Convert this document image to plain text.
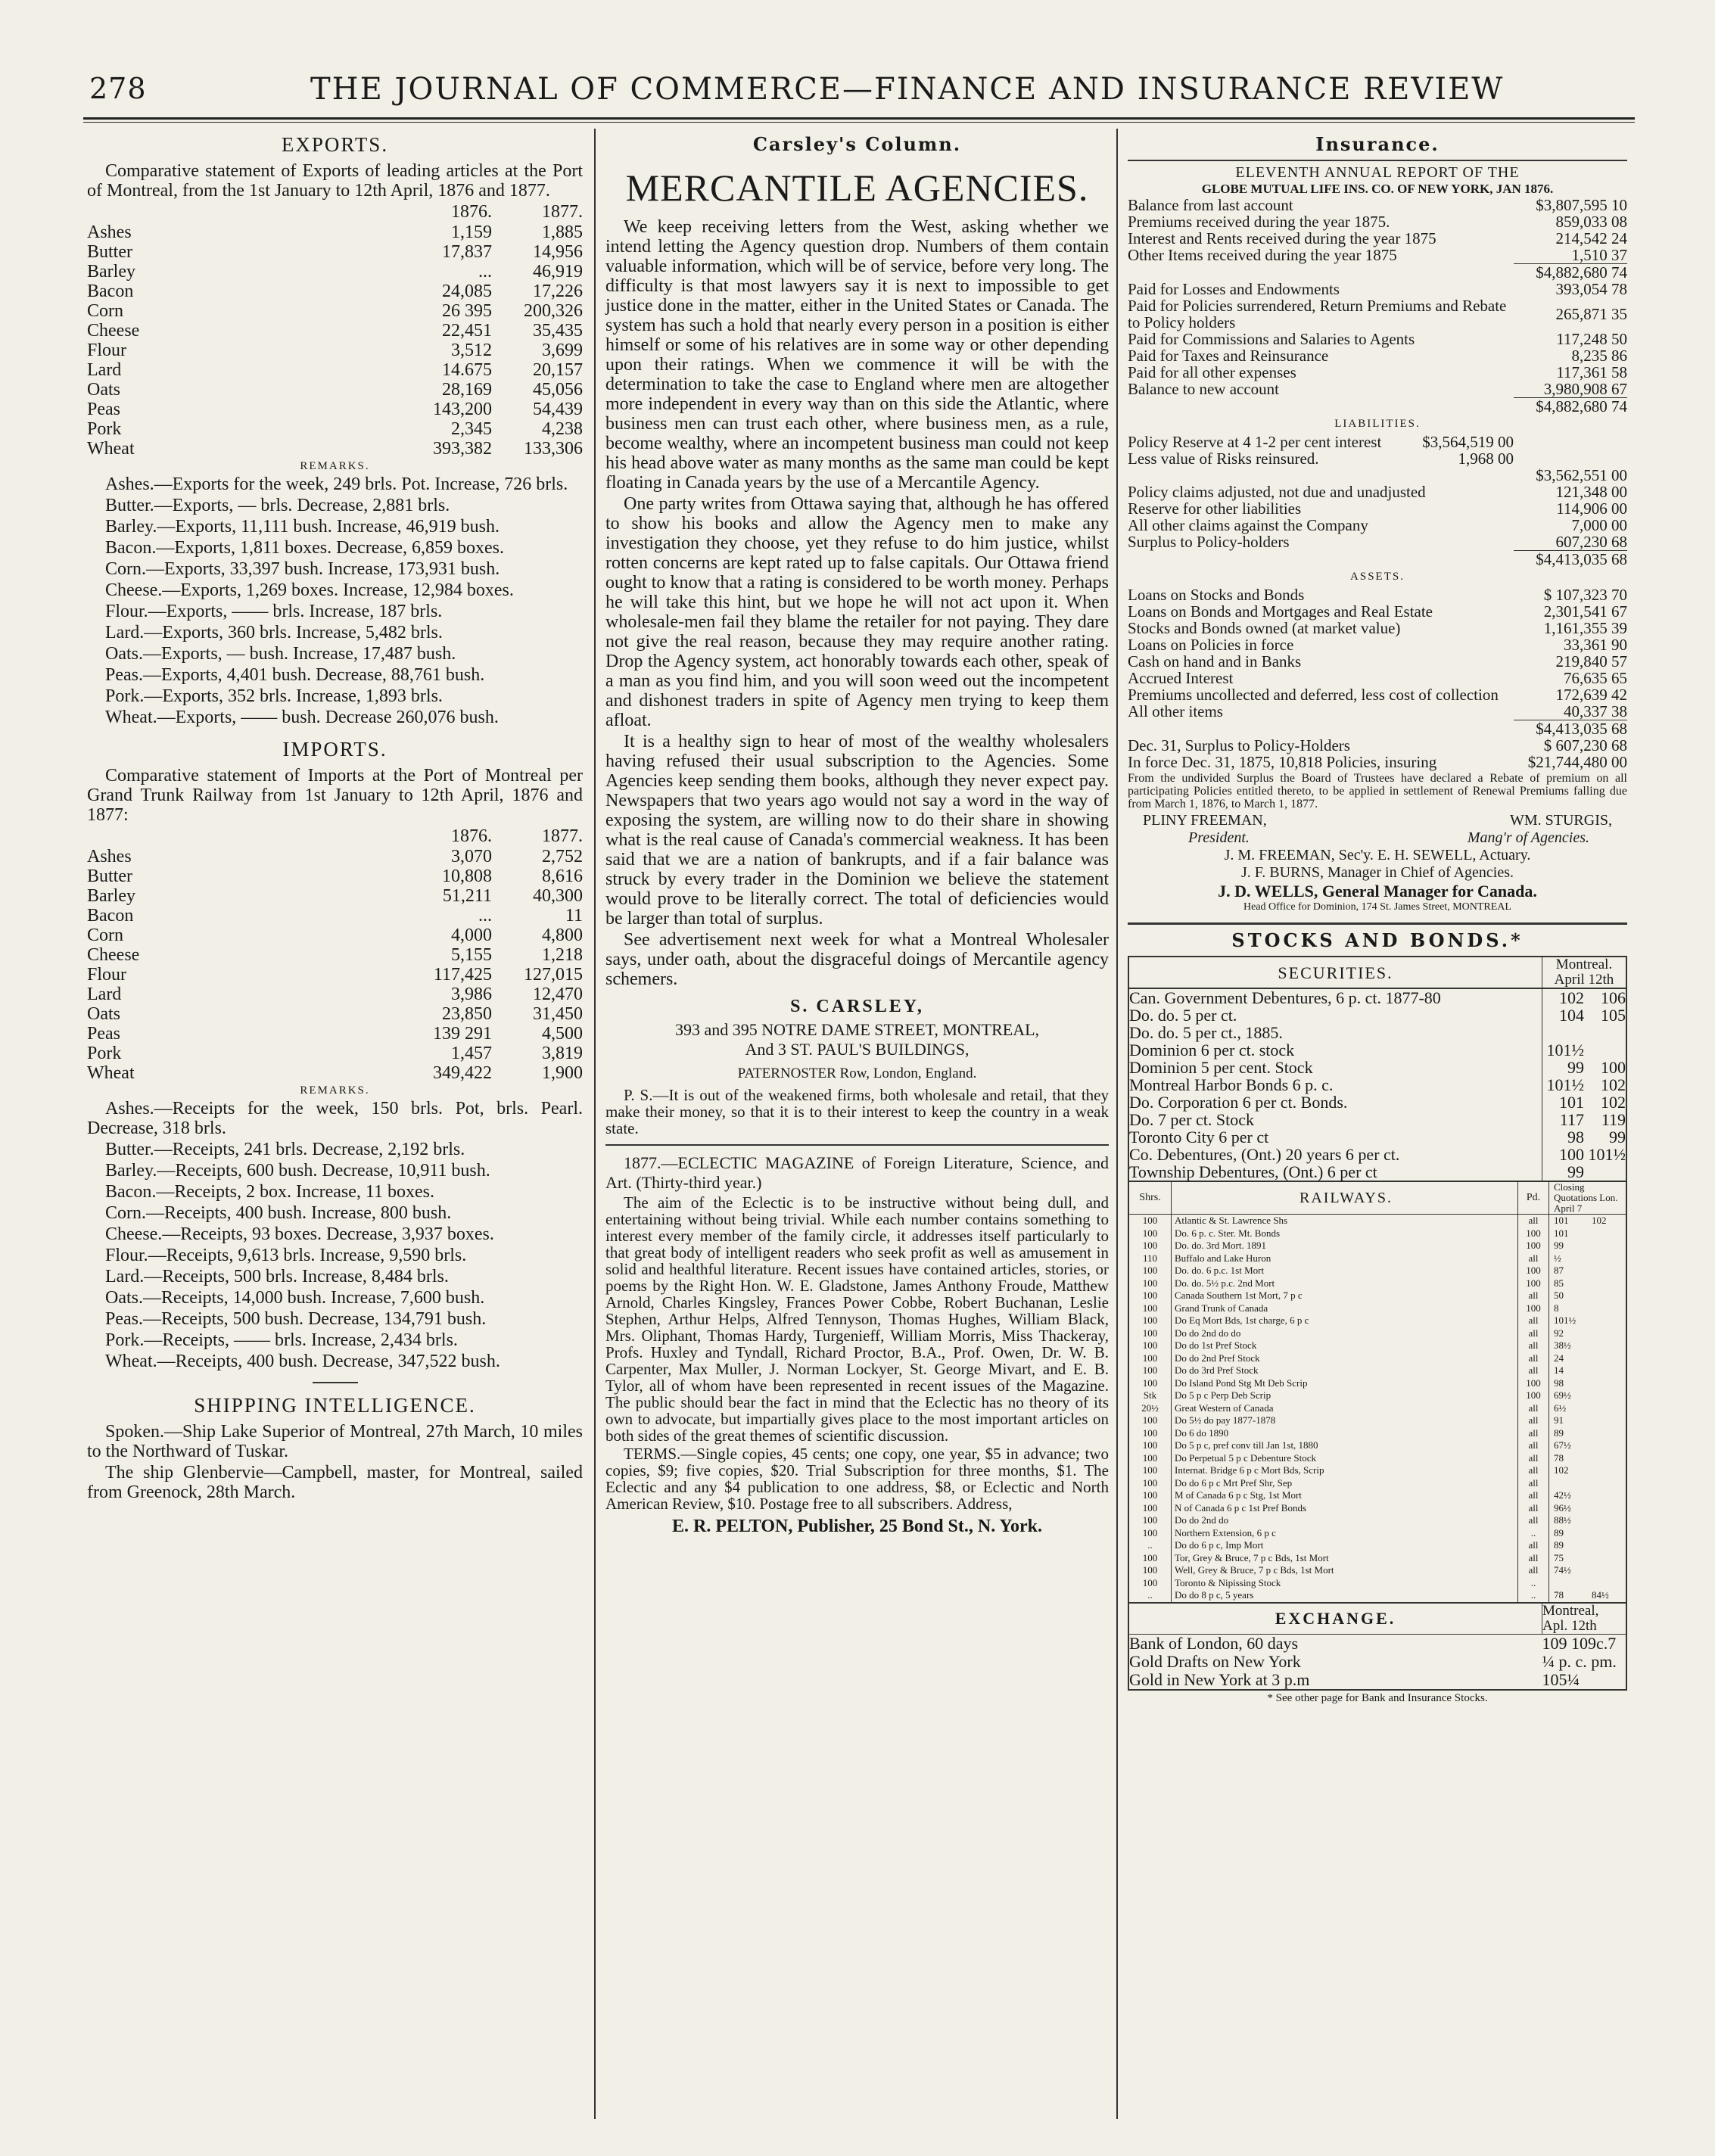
278	THE JOURNAL OF COMMERCE—FINANCE AND INSURANCE REVIEW
EXPORTS.

Comparative statement of Exports of leading articles at the Port of Montreal, from the 1st January to 12th April, 1876 and 1877.

	1876.	1877.
Ashes	1,159	1,885
Butter	17,837	14,956
Barley	...	46,919
Bacon	24,085	17,226
Corn	26 395	200,326
Cheese	22,451	35,435
Flour	3,512	3,699
Lard	14.675	20,157
Oats	28,169	45,056
Peas	143,200	54,439
Pork	2,345	4,238
Wheat	393,382	133,306
REMARKS.

Ashes.—Exports for the week, 249 brls. Pot. Increase, 726 brls.

Butter.—Exports, — brls. Decrease, 2,881 brls.

Barley.—Exports, 11,111 bush. Increase, 46,919 bush.

Bacon.—Exports, 1,811 boxes. Decrease, 6,859 boxes.

Corn.—Exports, 33,397 bush. Increase, 173,931 bush.

Cheese.—Exports, 1,269 boxes. Increase, 12,984 boxes.

Flour.—Exports, —— brls. Increase, 187 brls.

Lard.—Exports, 360 brls. Increase, 5,482 brls.

Oats.—Exports, — bush. Increase, 17,487 bush.

Peas.—Exports, 4,401 bush. Decrease, 88,761 bush.

Pork.—Exports, 352 brls. Increase, 1,893 brls.

Wheat.—Exports, —— bush. Decrease 260,076 bush.

IMPORTS.

Comparative statement of Imports at the Port of Montreal per Grand Trunk Railway from 1st January to 12th April, 1876 and 1877:

	1876.	1877.
Ashes	3,070	2,752
Butter	10,808	8,616
Barley	51,211	40,300
Bacon	...	11
Corn	4,000	4,800
Cheese	5,155	1,218
Flour	117,425	127,015
Lard	3,986	12,470
Oats	23,850	31,450
Peas	139 291	4,500
Pork	1,457	3,819
Wheat	349,422	1,900
REMARKS.

Ashes.—Receipts for the week, 150 brls. Pot, brls. Pearl. Decrease, 318 brls.

Butter.—Receipts, 241 brls. Decrease, 2,192 brls.

Barley.—Receipts, 600 bush. Decrease, 10,911 bush.

Bacon.—Receipts, 2 box. Increase, 11 boxes.

Corn.—Receipts, 400 bush. Increase, 800 bush.

Cheese.—Receipts, 93 boxes. Decrease, 3,937 boxes.

Flour.—Receipts, 9,613 brls. Increase, 9,590 brls.

Lard.—Receipts, 500 brls. Increase, 8,484 brls.

Oats.—Receipts, 14,000 bush. Increase, 7,600 bush.

Peas.—Receipts, 500 bush. Decrease, 134,791 bush.

Pork.—Receipts, —— brls. Increase, 2,434 brls.

Wheat.—Receipts, 400 bush. Decrease, 347,522 bush.

SHIPPING INTELLIGENCE.

Spoken.—Ship Lake Superior of Montreal, 27th March, 10 miles to the Northward of Tuskar.

The ship Glenbervie—Campbell, master, for Montreal, sailed from Greenock, 28th March.

Carsley's Column.
MERCANTILE AGENCIES.

We keep receiving letters from the West, asking whether we intend letting the Agency question drop. Numbers of them contain valuable information, which will be of service, before very long. The difficulty is that most lawyers say it is next to impossible to get justice done in the matter, either in the United States or Canada. The system has such a hold that nearly every person in a position is either himself or some of his relatives are in some way or other depending upon their ratings. When we commence it will be with the determination to take the case to England where men are altogether more independent in every way than on this side the Atlantic, where business men can trust each other, where business men, as a rule, become wealthy, where an incompetent business man could not keep his head above water as many months as the same man could be kept floating in Canada years by the use of a Mercantile Agency.

One party writes from Ottawa saying that, although he has offered to show his books and allow the Agency men to make any investigation they choose, yet they refuse to do him justice, whilst rotten concerns are kept rated up to false capitals. Our Ottawa friend ought to know that a rating is considered to be worth money. Perhaps he will take this hint, but we hope he will not act upon it. When wholesale-men fail they blame the retailer for not paying. They dare not give the real reason, because they may require another rating. Drop the Agency system, act honorably towards each other, speak of a man as you find him, and you will soon weed out the incompetent and dishonest traders in spite of Agency men trying to keep them afloat.

It is a healthy sign to hear of most of the wealthy wholesalers having refused their usual subscription to the Agencies. Some Agencies keep sending them books, although they never expect pay. Newspapers that two years ago would not say a word in the way of exposing the system, are willing now to do their share in showing what is the real cause of Canada's commercial weakness. It has been said that we are a nation of bankrupts, and if a fair balance was struck by every trader in the Dominion we believe the statement would prove to be literally correct. The total of deficiencies would be larger than total of surplus.

See advertisement next week for what a Montreal Wholesaler says, under oath, about the disgraceful doings of Mercantile agency schemers.

S. CARSLEY,
393 and 395 NOTRE DAME STREET, MONTREAL,
And 3 ST. PAUL'S BUILDINGS,
PATERNOSTER Row, London, England.

P. S.—It is out of the weakened firms, both wholesale and retail, that they make their money, so that it is to their interest to keep the country in a weak state.

1877.—ECLECTIC MAGAZINE of Foreign Literature, Science, and Art. (Thirty-third year.)

The aim of the Eclectic is to be instructive without being dull, and entertaining without being trivial. While each number contains something to interest every member of the family circle, it addresses itself particularly to that great body of intelligent readers who seek profit as well as amusement in solid and healthful literature. Recent issues have contained articles, stories, or poems by the Right Hon. W. E. Gladstone, James Anthony Froude, Matthew Arnold, Charles Kingsley, Frances Power Cobbe, Robert Buchanan, Leslie Stephen, Arthur Helps, Alfred Tennyson, Thomas Hughes, William Black, Mrs. Oliphant, Thomas Hardy, Turgenieff, William Morris, Miss Thackeray, Profs. Huxley and Tyndall, Richard Proctor, B.A., Prof. Owen, Dr. W. B. Carpenter, Max Muller, J. Norman Lockyer, St. George Mivart, and E. B. Tylor, all of whom have been represented in recent issues of the Magazine. The public should bear the fact in mind that the Eclectic has no theory of its own to advocate, but impartially gives place to the most important articles on both sides of the great themes of scientific discussion.

TERMS.—Single copies, 45 cents; one copy, one year, $5 in advance; two copies, $9; five copies, $20. Trial Subscription for three months, $1. The Eclectic and any $4 publication to one address, $8, or Eclectic and North American Review, $10. Postage free to all subscribers. Address,

E. R. PELTON, Publisher, 25 Bond St., N. York.
Insurance.
ELEVENTH ANNUAL REPORT OF THE
GLOBE MUTUAL LIFE INS. CO. OF NEW YORK, JAN 1876.
Balance from last account	$3,807,595 10
Premiums received during the year 1875.	859,033 08
Interest and Rents received during the year 1875	214,542 24
Other Items received during the year 1875	1,510 37
	$4,882,680 74
Paid for Losses and Endowments	393,054 78
Paid for Policies surrendered, Return Premiums and Rebate to Policy holders	265,871 35
Paid for Commissions and Salaries to Agents	117,248 50
Paid for Taxes and Reinsurance	8,235 86
Paid for all other expenses	117,361 58
Balance to new account	3,980,908 67
	$4,882,680 74
LIABILITIES.
Policy Reserve at 4 1-2 per cent interest	$3,564,519 00	
Less value of Risks reinsured.	1,968 00	
		$3,562,551 00
Policy claims adjusted, not due and unadjusted	121,348 00
Reserve for other liabilities	114,906 00
All other claims against the Company	7,000 00
Surplus to Policy-holders	607,230 68
	$4,413,035 68
ASSETS.
Loans on Stocks and Bonds	$ 107,323 70
Loans on Bonds and Mortgages and Real Estate	2,301,541 67
Stocks and Bonds owned (at market value)	1,161,355 39
Loans on Policies in force	33,361 90
Cash on hand and in Banks	219,840 57
Accrued Interest	76,635 65
Premiums uncollected and deferred, less cost of collection	172,639 42
All other items	40,337 38
	$4,413,035 68
Dec. 31, Surplus to Policy-Holders	$ 607,230 68
In force Dec. 31, 1875, 10,818 Policies, insuring	$21,744,480 00

From the undivided Surplus the Board of Trustees have declared a Rebate of premium on all participating Policies entitled thereto, to be applied in settlement of Renewal Premiums falling due from March 1, 1876, to March 1, 1877.

PLINY FREEMAN,	WM. STURGIS,
President.	Mang'r of Agencies.
J. M. FREEMAN, Sec'y. E. H. SEWELL, Actuary.
J. F. BURNS, Manager in Chief of Agencies.
J. D. WELLS, General Manager for Canada.
Head Office for Dominion, 174 St. James Street, MONTREAL
STOCKS AND BONDS.*
SECURITIES.	Montreal. April 12th	
Can. Government Debentures, 6 p. ct. 1877-80	102	106
Do. do. 5 per ct.	104	105
Do. do. 5 per ct., 1885.		
Dominion 6 per ct. stock	101½	
Dominion 5 per cent. Stock	99	100
Montreal Harbor Bonds 6 p. c.	101½	102
Do. Corporation 6 per ct. Bonds.	101	102
Do. 7 per ct. Stock	117	119
Toronto City 6 per ct	98	99
Co. Debentures, (Ont.) 20 years 6 per ct.	100	101½
Township Debentures, (Ont.) 6 per ct	99	
Shrs.	RAILWAYS.	Pd.	Closing Quotations Lon. April 7	
100	Atlantic & St. Lawrence Shs	all	101	102
100	Do. 6 p. c. Ster. Mt. Bonds	100	101	
100	Do. do. 3rd Mort. 1891	100	99	
110	Buffalo and Lake Huron	all	½	
100	Do. do. 6 p.c. 1st Mort	100	87	
100	Do. do. 5½ p.c. 2nd Mort	100	85	
100	Canada Southern 1st Mort, 7 p c	all	50	
100	Grand Trunk of Canada	100	8	
100	Do Eq Mort Bds, 1st charge, 6 p c	all	101½	
100	Do do 2nd do do	all	92	
100	Do do 1st Pref Stock	all	38½	
100	Do do 2nd Pref Stock	all	24	
100	Do do 3rd Pref Stock	all	14	
100	Do Island Pond Stg Mt Deb Scrip	100	98	
Stk	Do 5 p c Perp Deb Scrip	100	69½	
20½	Great Western of Canada	all	6½	
100	Do 5½ do pay 1877-1878	all	91	
100	Do 6 do 1890	all	89	
100	Do 5 p c, pref conv till Jan 1st, 1880	all	67½	
100	Do Perpetual 5 p c Debenture Stock	all	78	
100	Internat. Bridge 6 p c Mort Bds, Scrip	all	102	
100	Do do 6 p c Mrt Pref Shr, Sep	all		
100	M of Canada 6 p c Stg, 1st Mort	all	42½	
100	N of Canada 6 p c 1st Pref Bonds	all	96½	
100	Do do 2nd do	all	88½	
100	Northern Extension, 6 p c	..	89	
..	Do do 6 p c, Imp Mort	all	89	
100	Tor, Grey & Bruce, 7 p c Bds, 1st Mort	all	75	
100	Well, Grey & Bruce, 7 p c Bds, 1st Mort	all	74½	
100	Toronto & Nipissing Stock	..		
..	Do do 8 p c, 5 years	..	78	84½
EXCHANGE.	Montreal, Apl. 12th
Bank of London, 60 days	109 109c.7
Gold Drafts on New York	¼ p. c. pm.
Gold in New York at 3 p.m	105¼
* See other page for Bank and Insurance Stocks.
